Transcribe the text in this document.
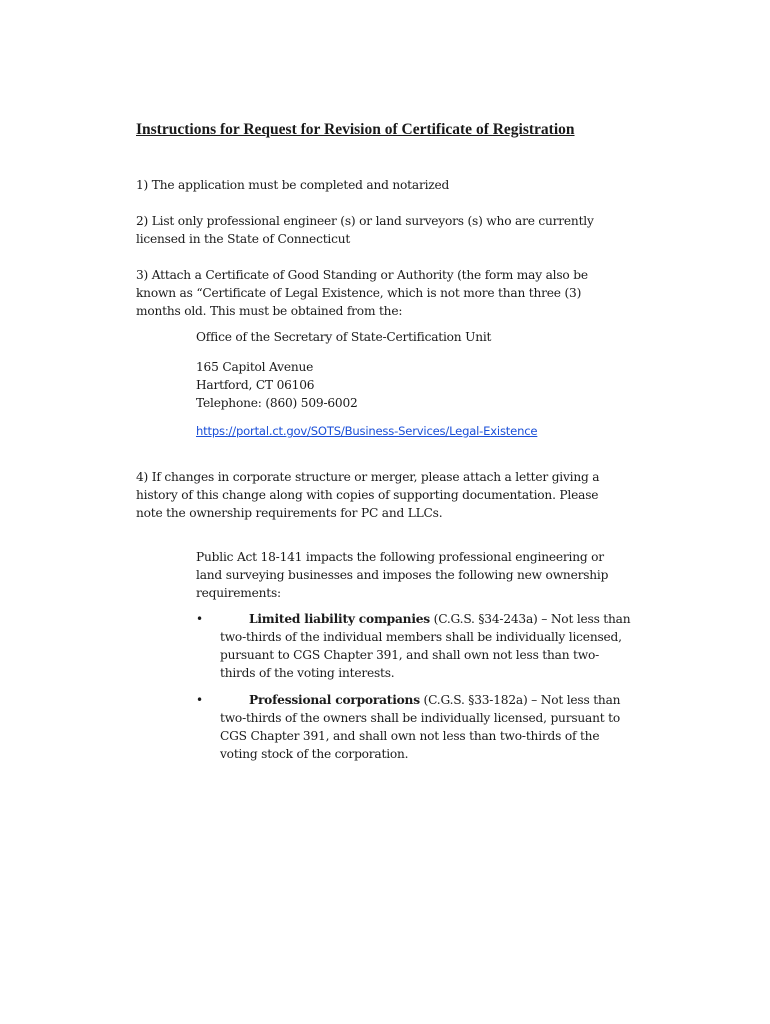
Instructions for Request for Revision of Certificate of Registration
1) The application must be completed and notarized
2) List only professional engineer (s) or land surveyors (s) who are currently
licensed in the State of Connecticut
3) Attach a Certificate of Good Standing or Authority (the form may also be
known as “Certificate of Legal Existence, which is not more than three (3)
months old. This must be obtained from the:
Office of the Secretary of State-Certification Unit
165 Capitol Avenue
Hartford, CT 06106
Telephone: (860) 509-6002
https://portal.ct.gov/SOTS/Business-Services/Legal-Existence
4) If changes in corporate structure or merger, please attach a letter giving a
history of this change along with copies of supporting documentation. Please
note the ownership requirements for PC and LLCs.
Public Act 18-141 impacts the following professional engineering or
land surveying businesses and imposes the following new ownership
requirements:
•	Limited liability companies (C.G.S. §34-243a) – Not less than
two-thirds of the individual members shall be individually licensed,
pursuant to CGS Chapter 391, and shall own not less than two-
thirds of the voting interests.
•	Professional corporations (C.G.S. §33-182a) – Not less than
two-thirds of the owners shall be individually licensed, pursuant to
CGS Chapter 391, and shall own not less than two-thirds of the
voting stock of the corporation.
